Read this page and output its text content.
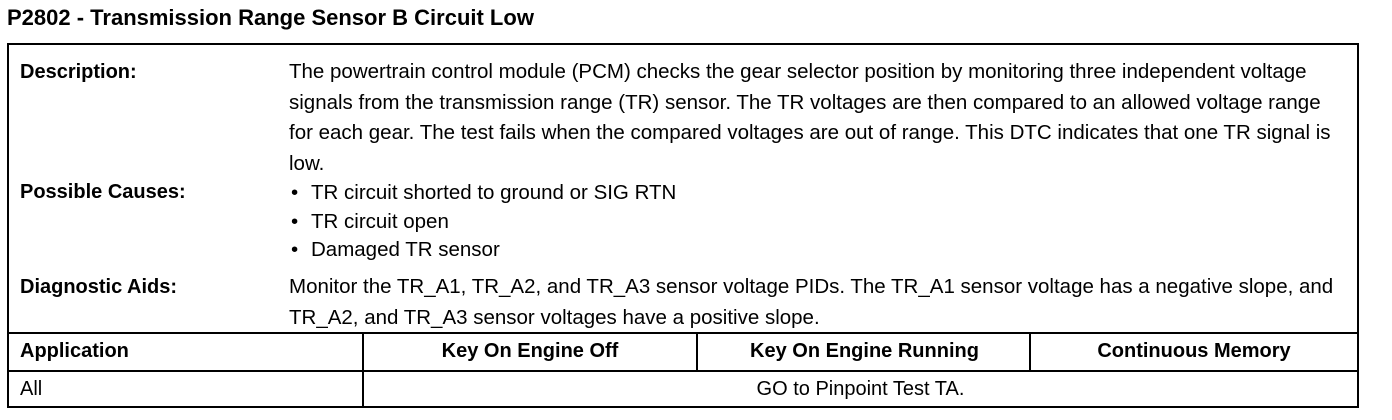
P2802 - Transmission Range Sensor B Circuit Low
Description:	The powertrain control module (PCM) checks the gear selector position by monitoring three independent voltage signals from the transmission range (TR) sensor. The TR voltages are then compared to an allowed voltage range for each gear. The test fails when the compared voltages are out of range. This DTC indicates that one TR signal is low.
Possible Causes:	• TR circuit shorted to ground or SIG RTN
• TR circuit open
• Damaged TR sensor
Diagnostic Aids:	Monitor the TR_A1, TR_A2, and TR_A3 sensor voltage PIDs. The TR_A1 sensor voltage has a negative slope, and TR_A2, and TR_A3 sensor voltages have a positive slope.
Application	Key On Engine Off	Key On Engine Running	Continuous Memory
All	GO to Pinpoint Test TA.
